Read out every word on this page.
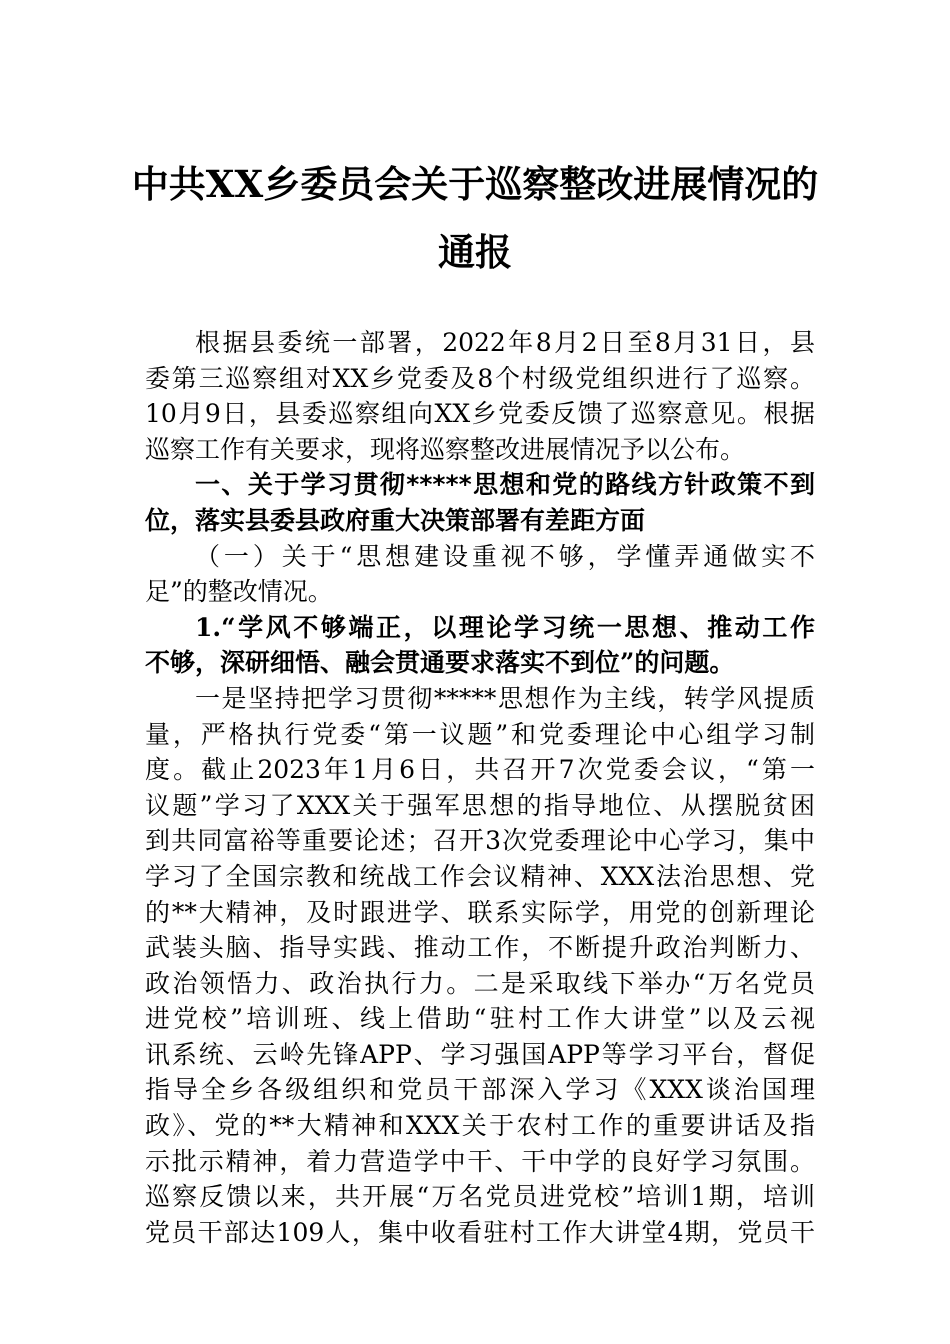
中共XX乡委员会关于巡察整改进展情况的
通报
根据县委统一部署，2022年8月2日至8月31日，县
委第三巡察组对XX乡党委及8个村级党组织进行了巡察。
10月9日，县委巡察组向XX乡党委反馈了巡察意见。根据
巡察工作有关要求，现将巡察整改进展情况予以公布。
一、关于学习贯彻*****思想和党的路线方针政策不到
位，落实县委县政府重大决策部署有差距方面
（一）关于“思想建设重视不够，学懂弄通做实不
足”的整改情况。
1.“学风不够端正，以理论学习统一思想、推动工作
不够，深研细悟、融会贯通要求落实不到位”的问题。
一是坚持把学习贯彻*****思想作为主线，转学风提质
量，严格执行党委“第一议题”和党委理论中心组学习制
度。截止2023年1月6日，共召开7次党委会议，“第一
议题”学习了XXX关于强军思想的指导地位、从摆脱贫困
到共同富裕等重要论述；召开3次党委理论中心学习，集中
学习了全国宗教和统战工作会议精神、XXX法治思想、党
的**大精神，及时跟进学、联系实际学，用党的创新理论
武装头脑、指导实践、推动工作，不断提升政治判断力、
政治领悟力、政治执行力。二是采取线下举办“万名党员
进党校”培训班、线上借助“驻村工作大讲堂”以及云视
讯系统、云岭先锋APP、学习强国APP等学习平台，督促
指导全乡各级组织和党员干部深入学习《XXX谈治国理
政》、党的**大精神和XXX关于农村工作的重要讲话及指
示批示精神，着力营造学中干、干中学的良好学习氛围。
巡察反馈以来，共开展“万名党员进党校”培训1期，培训
党员干部达109人，集中收看驻村工作大讲堂4期，党员干
